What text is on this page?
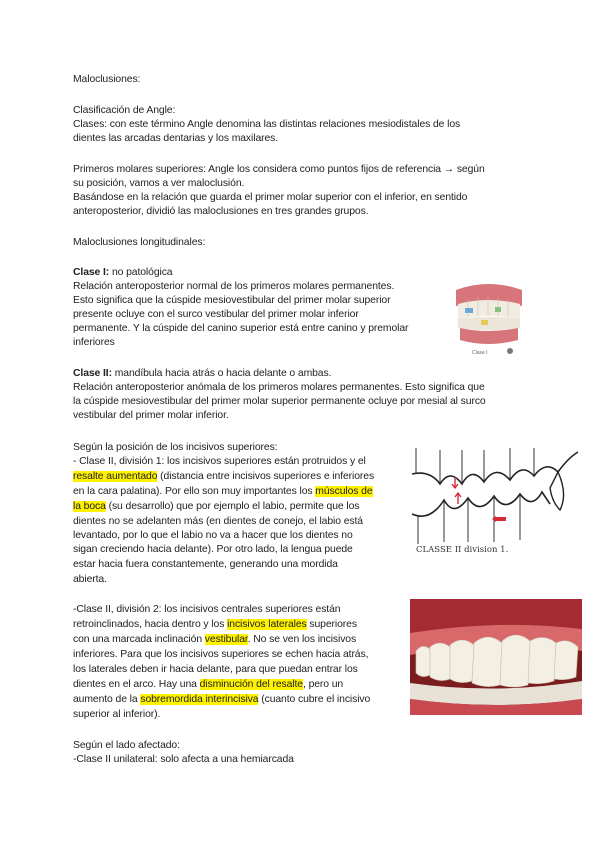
Maloclusiones:
Clasificación de Angle:
Clases: con este término Angle denomina las distintas relaciones mesiodistales de los
dientes las arcadas dentarias y los maxilares.
Primeros molares superiores: Angle los considera como puntos fijos de referencia → según
su posición, vamos a ver maloclusión.
Basándose en la relación que guarda el primer molar superior con el inferior, en sentido
anteroposterior, dividió las maloclusiones en tres grandes grupos.
Maloclusiones longitudinales:
Clase I: no patológica
Relación anteroposterior normal de los primeros molares permanentes.
Esto significa que la cúspide mesiovestibular del primer molar superior
presente ocluye con el surco vestibular del primer molar inferior
permanente. Y la cúspide del canino superior está entre canino y premolar
inferiores
Clase I
Clase II: mandíbula hacia atrás o hacia delante o ambas.
Relación anteroposterior anómala de los primeros molares permanentes. Esto significa que
la cúspide mesiovestibular del primer molar superior permanente ocluye por mesial al surco
vestibular del primer molar inferior.
Según la posición de los incisivos superiores:
- Clase II, división 1: los incisivos superiores están protruidos y el
resalte aumentado (distancia entre incisivos superiores e inferiores
en la cara palatina). Por ello son muy importantes los músculos de
la boca (su desarrollo) que por ejemplo el labio, permite que los
dientes no se adelanten más (en dientes de conejo, el labio está
levantado, por lo que el labio no va a hacer que los dientes no
sigan creciendo hacia delante). Por otro lado, la lengua puede
estar hacia fuera constantemente, generando una mordida
abierta.
CLASSE II division 1.
-Clase II, división 2: los incisivos centrales superiores están
retroinclinados, hacia dentro y los incisivos laterales superiores
con una marcada inclinación vestibular. No se ven los incisivos
inferiores. Para que los incisivos superiores se echen hacia atrás,
los laterales deben ir hacia delante, para que puedan entrar los
dientes en el arco. Hay una disminución del resalte, pero un
aumento de la sobremordida interincisiva (cuanto cubre el incisivo
superior al inferior).
Según el lado afectado:
-Clase II unilateral: solo afecta a una hemiarcada
